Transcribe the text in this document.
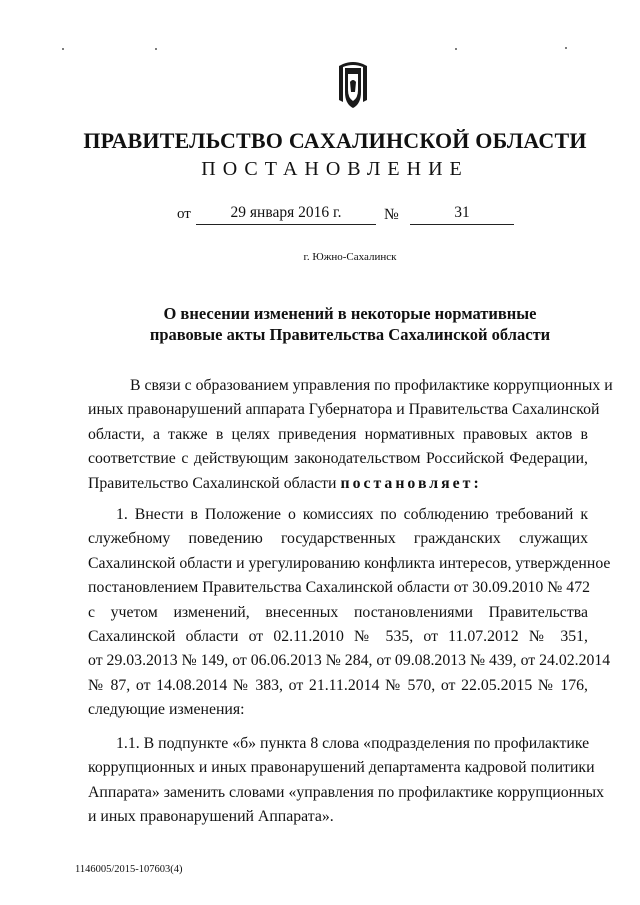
ПРАВИТЕЛЬСТВО САХАЛИНСКОЙ ОБЛАСТИ
ПОСТАНОВЛЕНИЕ
от	29 января 2016 г.	№	31
г. Южно-Сахалинск
О внесении изменений в некоторые нормативные
правовые акты Правительства Сахалинской области
В связи с образованием управления по профилактике коррупционных и
иных правонарушений аппарата Губернатора и Правительства Сахалинской
области, а также в целях приведения нормативных правовых актов в
соответствие с действующим законодательством Российской Федерации,
Правительство Сахалинской области постановляет:
1. Внести в Положение о комиссиях по соблюдению требований к
служебному поведению государственных гражданских служащих
Сахалинской области и урегулированию конфликта интересов, утвержденное
постановлением Правительства Сахалинской области от 30.09.2010 № 472
с учетом изменений, внесенных постановлениями Правительства
Сахалинской области от 02.11.2010 № 535, от 11.07.2012 № 351,
от 29.03.2013 № 149, от 06.06.2013 № 284, от 09.08.2013 № 439, от 24.02.2014
№ 87, от 14.08.2014 № 383, от 21.11.2014 № 570, от 22.05.2015 № 176,
следующие изменения:
1.1. В подпункте «б» пункта 8 слова «подразделения по профилактике
коррупционных и иных правонарушений департамента кадровой политики
Аппарата» заменить словами «управления по профилактике коррупционных
и иных правонарушений Аппарата».
1146005/2015-107603(4)
